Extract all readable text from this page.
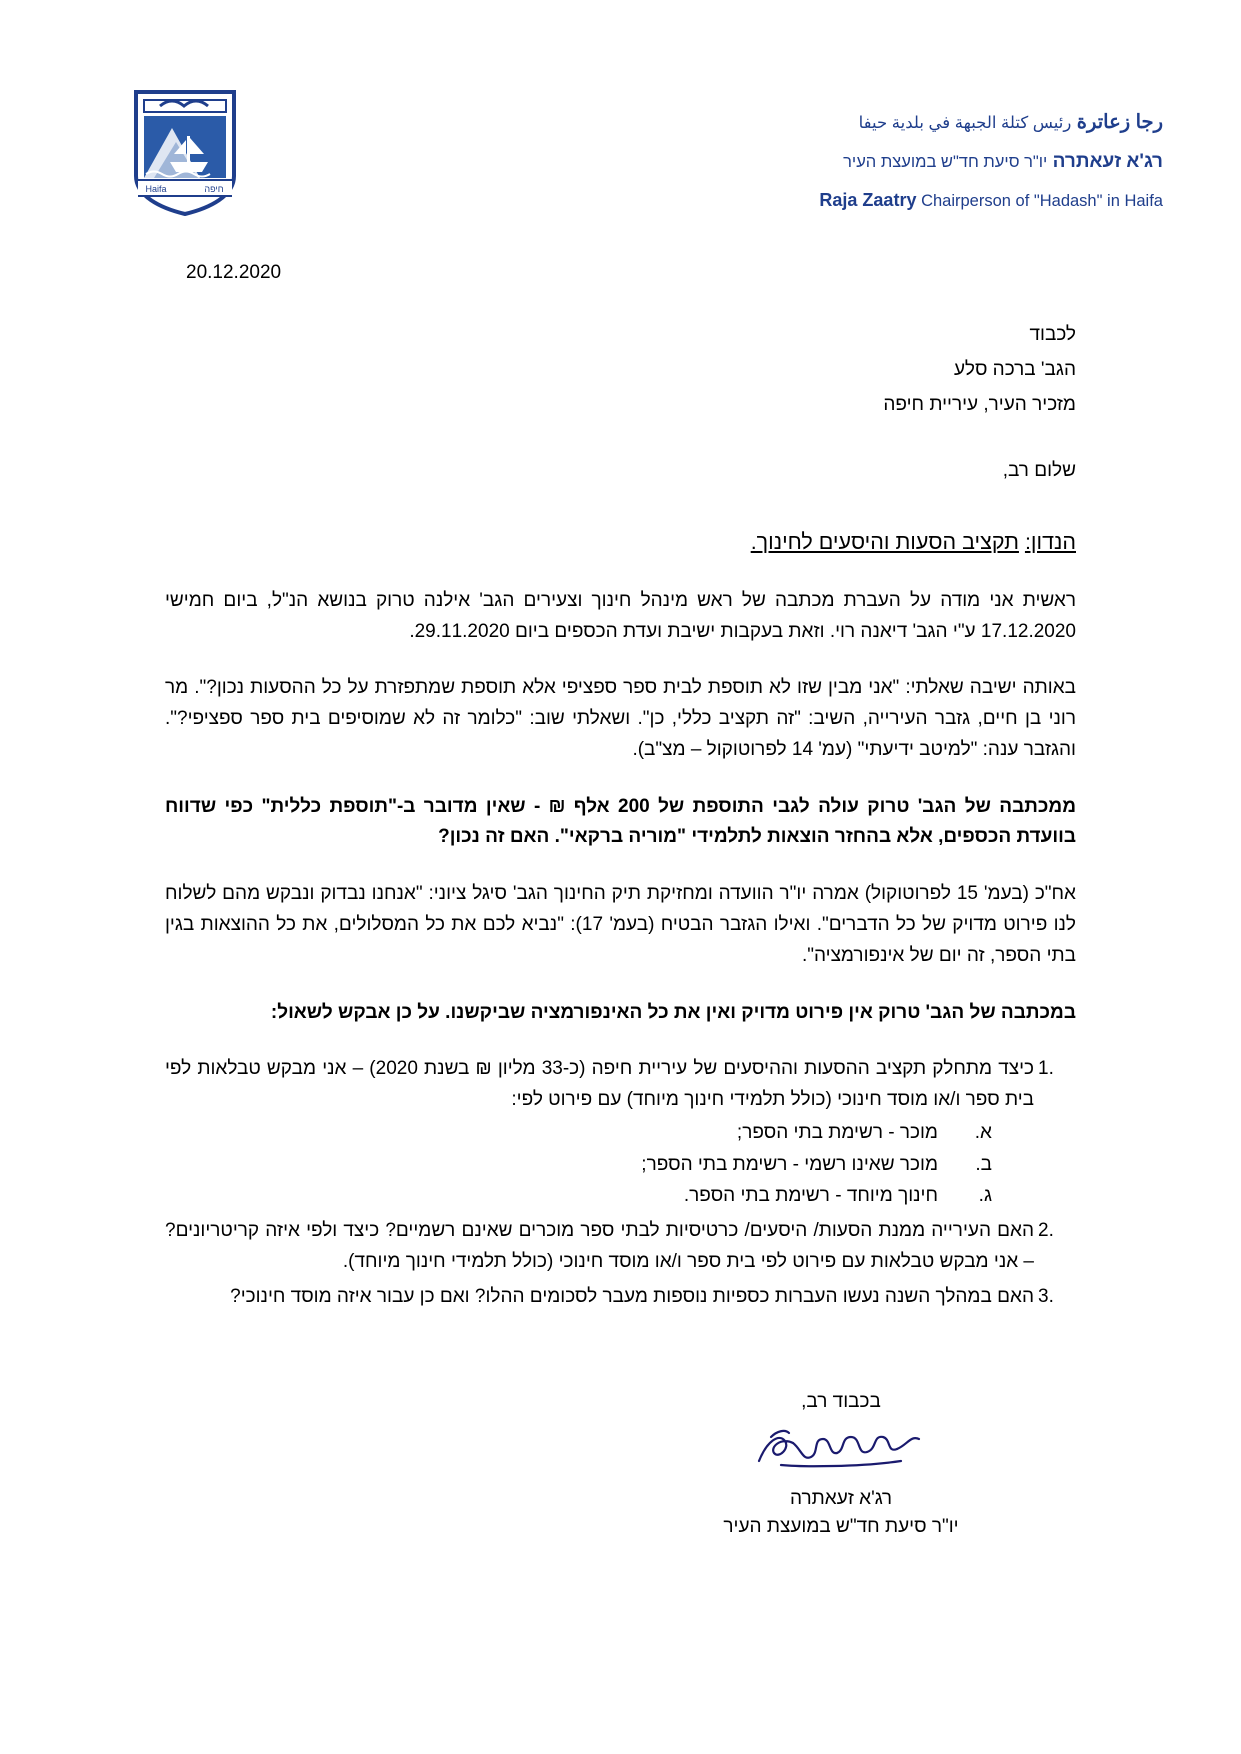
Haifa	חיפה
رجا زعاترة رئيس كتلة الجبهة في بلدية حيفا
רג'א זעאתרה יו"ר סיעת חד"ש במועצת העיר
Raja Zaatry Chairperson of "Hadash" in Haifa
20.12.2020
לכבוד
הגב' ברכה סלע
מזכיר העיר, עיריית חיפה
שלום רב,
הנדון: תקציב הסעות והיסעים לחינוך.
ראשית אני מודה על העברת מכתבה של ראש מינהל חינוך וצעירים הגב' אילנה טרוק בנושא הנ"ל, ביום חמישי 17.12.2020 ע"י הגב' דיאנה רוי. וזאת בעקבות ישיבת ועדת הכספים ביום 29.11.2020.
באותה ישיבה שאלתי: "אני מבין שזו לא תוספת לבית ספר ספציפי אלא תוספת שמתפזרת על כל ההסעות נכון?". מר רוני בן חיים, גזבר העירייה, השיב: "זה תקציב כללי, כן". ושאלתי שוב: "כלומר זה לא שמוסיפים בית ספר ספציפי?". והגזבר ענה: "למיטב ידיעתי" (עמ' 14 לפרוטוקול – מצ"ב).
ממכתבה של הגב' טרוק עולה לגבי התוספת של 200 אלף ₪ - שאין מדובר ב-"תוספת כללית" כפי שדווח בוועדת הכספים, אלא בהחזר הוצאות לתלמידי "מוריה ברקאי". האם זה נכון?
אח"כ (בעמ' 15 לפרוטוקול) אמרה יו"ר הוועדה ומחזיקת תיק החינוך הגב' סיגל ציוני: "אנחנו נבדוק ונבקש מהם לשלוח לנו פירוט מדויק של כל הדברים". ואילו הגזבר הבטיח (בעמ' 17): "נביא לכם את כל המסלולים, את כל ההוצאות בגין בתי הספר, זה יום של אינפורמציה".
במכתבה של הגב' טרוק אין פירוט מדויק ואין את כל האינפורמציה שביקשנו. על כן אבקש לשאול:
1.
כיצד מתחלק תקציב ההסעות וההיסעים של עיריית חיפה (כ-33 מליון ₪ בשנת 2020) – אני מבקש טבלאות לפי בית ספר ו/או מוסד חינוכי (כולל תלמידי חינוך מיוחד) עם פירוט לפי:
א.
מוכר - רשימת בתי הספר;
ב.
מוכר שאינו רשמי - רשימת בתי הספר;
ג.
חינוך מיוחד - רשימת בתי הספר.
2.
האם העירייה ממנת הסעות/ היסעים/ כרטיסיות לבתי ספר מוכרים שאינם רשמיים? כיצד ולפי איזה קריטריונים? – אני מבקש טבלאות עם פירוט לפי בית ספר ו/או מוסד חינוכי (כולל תלמידי חינוך מיוחד).
3.
האם במהלך השנה נעשו העברות כספיות נוספות מעבר לסכומים ההלו? ואם כן עבור איזה מוסד חינוכי?
בכבוד רב,
רג'א זעאתרה
יו"ר סיעת חד"ש במועצת העיר
